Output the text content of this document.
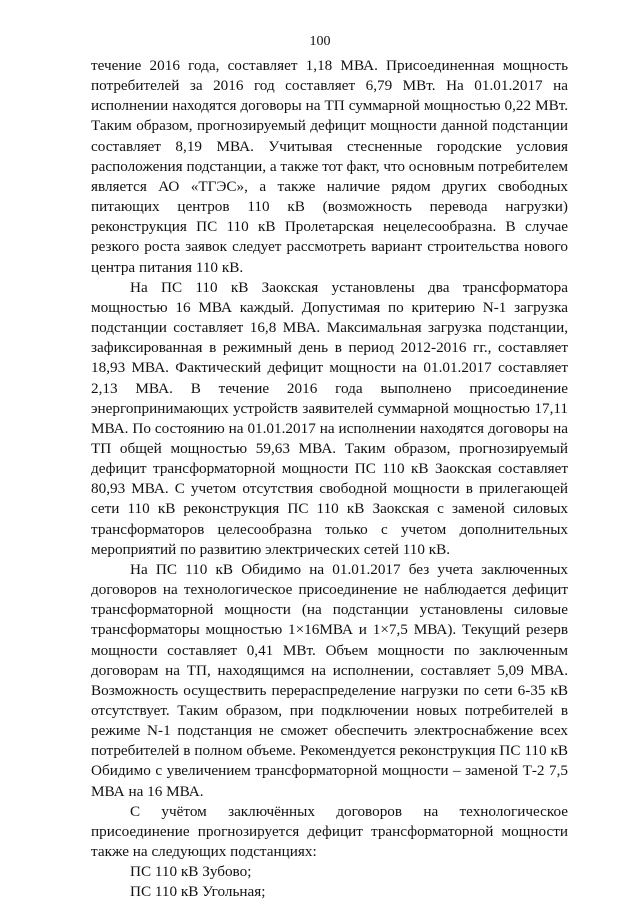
100

течение 2016 года, составляет 1,18 МВА. Присоединенная мощность потребителей за 2016 год составляет 6,79 МВт. На 01.01.2017 на исполнении находятся договоры на ТП суммарной мощностью 0,22 МВт. Таким образом, прогнозируемый дефицит мощности данной подстанции составляет 8,19 МВА. Учитывая стесненные городские условия расположения подстанции, а также тот факт, что основным потребителем является АО «ТГЭС», а также наличие рядом других свободных питающих центров 110 кВ (возможность перевода нагрузки) реконструкция ПС 110 кВ Пролетарская нецелесообразна. В случае резкого роста заявок следует рассмотреть вариант строительства нового центра питания 110 кВ.

На ПС 110 кВ Заокская установлены два трансформатора мощностью 16 МВА каждый. Допустимая по критерию N-1 загрузка подстанции составляет 16,8 МВА. Максимальная загрузка подстанции, зафиксированная в режимный день в период 2012-2016 гг., составляет 18,93 МВА. Фактический дефицит мощности на 01.01.2017 составляет 2,13 МВА. В течение 2016 года выполнено присоединение энергопринимающих устройств заявителей суммарной мощностью 17,11 МВА. По состоянию на 01.01.2017 на исполнении находятся договоры на ТП общей мощностью 59,63 МВА. Таким образом, прогнозируемый дефицит трансформаторной мощности ПС 110 кВ Заокская составляет 80,93 МВА. С учетом отсутствия свободной мощности в прилегающей сети 110 кВ реконструкция ПС 110 кВ Заокская с заменой силовых трансформаторов целесообразна только с учетом дополнительных мероприятий по развитию электрических сетей 110 кВ.

На ПС 110 кВ Обидимо на 01.01.2017 без учета заключенных договоров на технологическое присоединение не наблюдается дефицит трансформаторной мощности (на подстанции установлены силовые трансформаторы мощностью 1×16МВА и 1×7,5 МВА). Текущий резерв мощности составляет 0,41 МВт. Объем мощности по заключенным договорам на ТП, находящимся на исполнении, составляет 5,09 МВА. Возможность осуществить перераспределение нагрузки по сети 6-35 кВ отсутствует. Таким образом, при подключении новых потребителей в режиме N-1 подстанция не сможет обеспечить электроснабжение всех потребителей в полном объеме. Рекомендуется реконструкция ПС 110 кВ Обидимо с увеличением трансформаторной мощности – заменой Т-2 7,5 МВА на 16 МВА.

С учётом заключённых договоров на технологическое присоединение прогнозируется дефицит трансформаторной мощности также на следующих подстанциях:

ПС 110 кВ Зубово;

ПС 110 кВ Угольная;
